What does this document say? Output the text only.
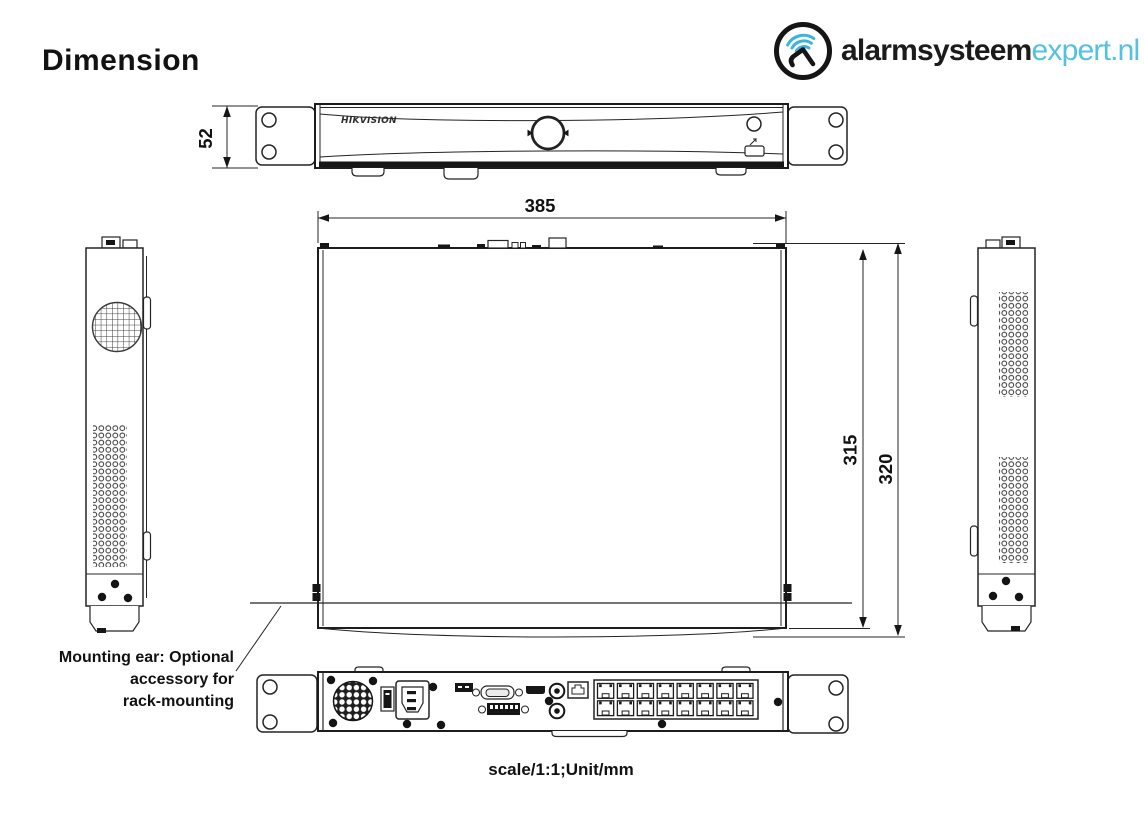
Dimension	alarmsysteemexpert.nl
HIKVISION
52
385
315
320
Mounting ear: Optional
accessory for
rack-mounting
scale/1:1;Unit/mm
